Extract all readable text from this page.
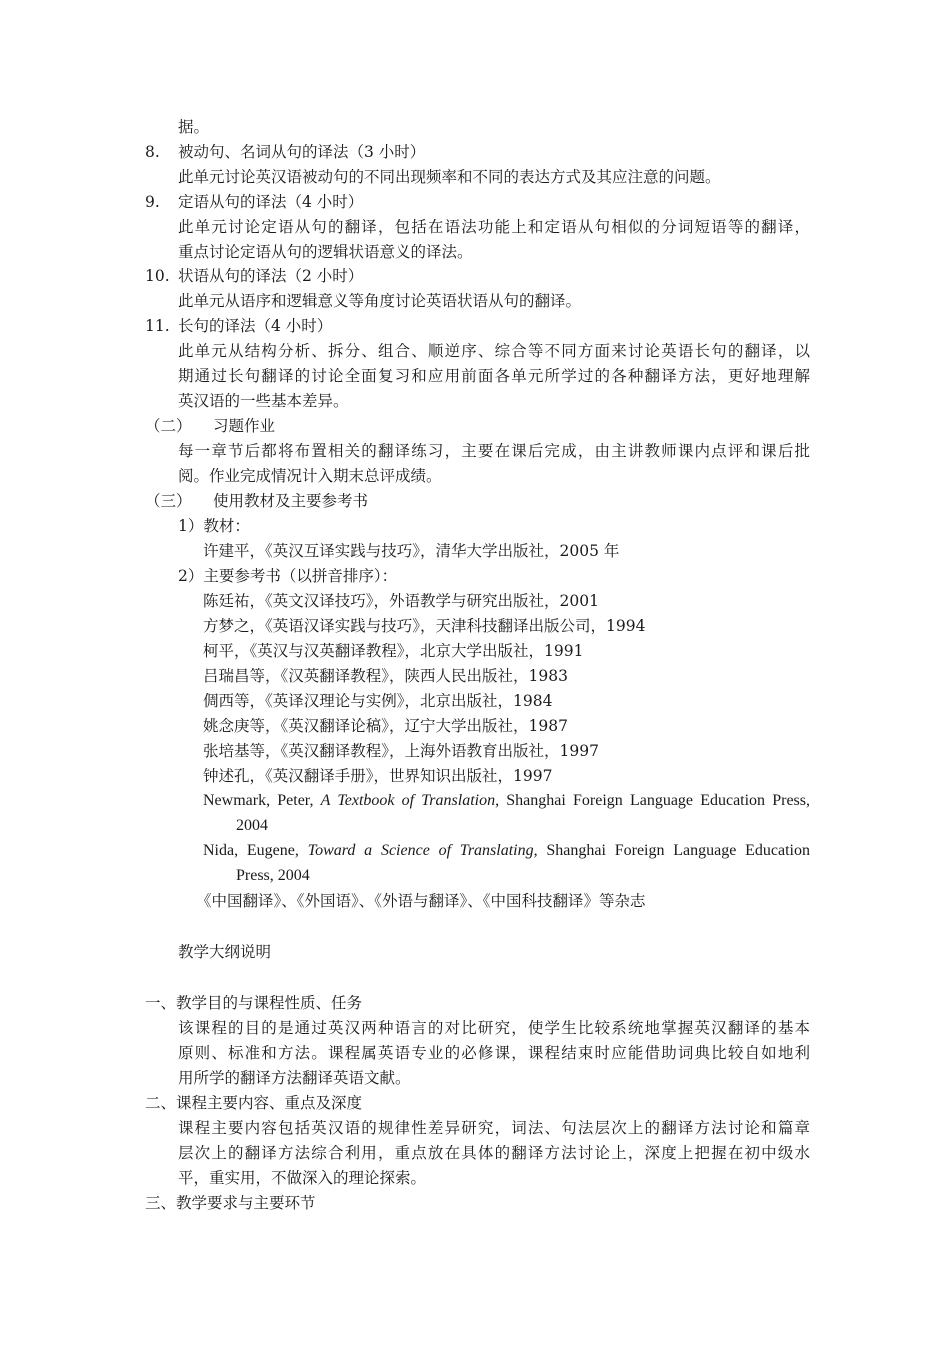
据。
8. 被动句、名词从句的译法（3 小时）
此单元讨论英汉语被动句的不同出现频率和不同的表达方式及其应注意的问题。
9. 定语从句的译法（4 小时）
此单元讨论定语从句的翻译，包括在语法功能上和定语从句相似的分词短语等的翻译，
重点讨论定语从句的逻辑状语意义的译法。
10. 状语从句的译法（2 小时）
此单元从语序和逻辑意义等角度讨论英语状语从句的翻译。
11. 长句的译法（4 小时）
此单元从结构分析、拆分、组合、顺逆序、综合等不同方面来讨论英语长句的翻译，以
期通过长句翻译的讨论全面复习和应用前面各单元所学过的各种翻译方法，更好地理解
英汉语的一些基本差异。
（二） 习题作业
每一章节后都将布置相关的翻译练习，主要在课后完成，由主讲教师课内点评和课后批
阅。作业完成情况计入期末总评成绩。
（三） 使用教材及主要参考书
1）教材：
许建平，《英汉互译实践与技巧》，清华大学出版社，2005 年
2）主要参考书（以拼音排序）：
陈廷祐，《英文汉译技巧》，外语教学与研究出版社，2001
方梦之，《英语汉译实践与技巧》，天津科技翻译出版公司，1994
柯平，《英汉与汉英翻译教程》，北京大学出版社，1991
吕瑞昌等，《汉英翻译教程》，陕西人民出版社，1983
倜西等，《英译汉理论与实例》，北京出版社，1984
姚念庚等，《英汉翻译论稿》，辽宁大学出版社，1987
张培基等，《英汉翻译教程》，上海外语教育出版社，1997
钟述孔，《英汉翻译手册》，世界知识出版社，1997
Newmark, Peter, A Textbook of Translation, Shanghai Foreign Language Education Press,
2004
Nida, Eugene, Toward a Science of Translating, Shanghai Foreign Language Education
Press, 2004
《中国翻译》、《外国语》、《外语与翻译》、《中国科技翻译》等杂志
教学大纲说明
一、教学目的与课程性质、任务
该课程的目的是通过英汉两种语言的对比研究，使学生比较系统地掌握英汉翻译的基本
原则、标准和方法。课程属英语专业的必修课，课程结束时应能借助词典比较自如地利
用所学的翻译方法翻译英语文献。
二、课程主要内容、重点及深度
课程主要内容包括英汉语的规律性差异研究，词法、句法层次上的翻译方法讨论和篇章
层次上的翻译方法综合利用，重点放在具体的翻译方法讨论上，深度上把握在初中级水
平，重实用，不做深入的理论探索。
三、教学要求与主要环节
